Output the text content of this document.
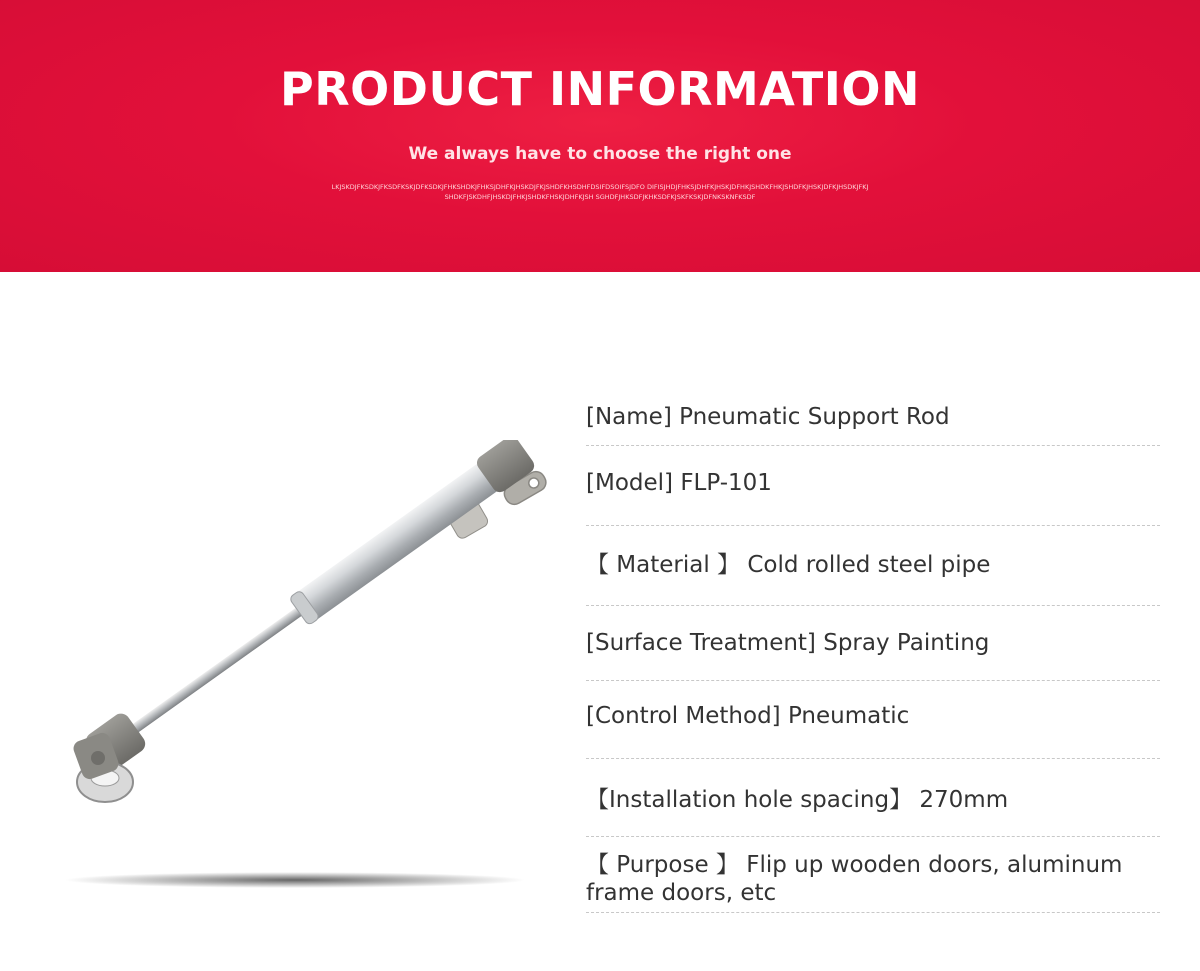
PRODUCT INFORMATION
We always have to choose the right one
LKJSKDJFKSDKJFKSDFKSKJDFKSDKJFHKSHDKJFHKSJDHFKJHSKDJFKJSHDFKHSDHFDSIFDSOIFSJDFO DIFISJHDJFHKSJDHFKJHSKJDFHKJSHDKFHKJSHDFKJHSKJDFKJHSDKJFKJSHDKFJSKDHFJHSKDJFHKJSHDKFHSKJDHFKJSH SGHDFJHKSDFJKHKSDFKJSKFKSKJDFNKSKNFKSDF
[Name] Pneumatic Support Rod
[Model] FLP-101
【 Material 】 Cold rolled steel pipe
[Surface Treatment] Spray Painting
[Control Method] Pneumatic
【Installation hole spacing】 270mm
【 Purpose 】 Flip up wooden doors, aluminum frame doors, etc
